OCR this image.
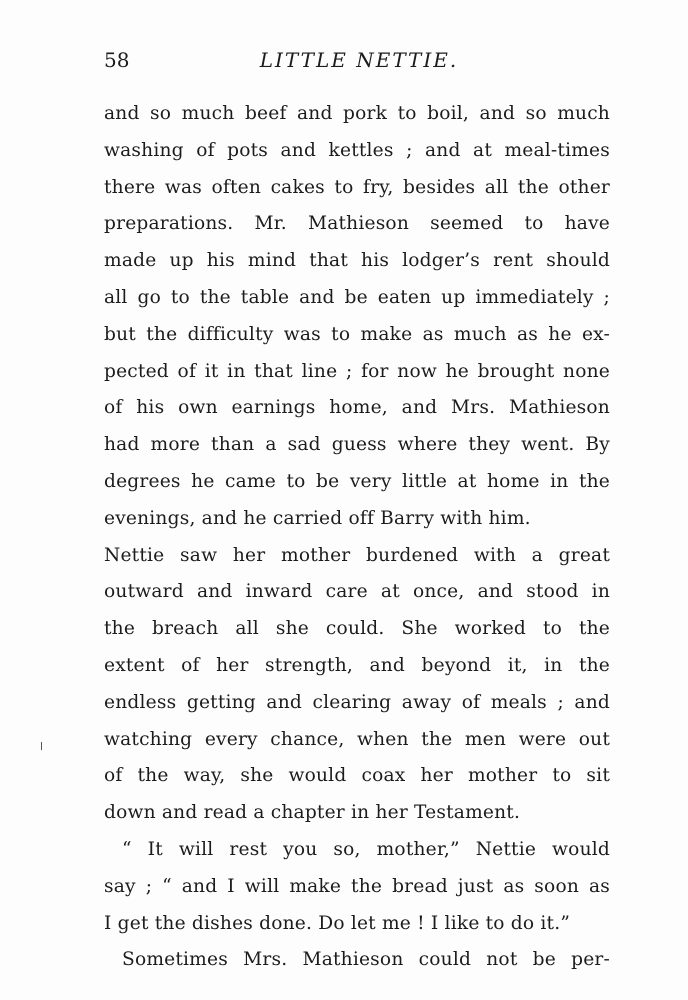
58	LITTLE NETTIE.
and so much beef and pork to boil, and so much
washing of pots and kettles ; and at meal-times
there was often cakes to fry, besides all the other
preparations. Mr. Mathieson seemed to have
made up his mind that his lodger’s rent should
all go to the table and be eaten up immediately ;
but the difficulty was to make as much as he ex-
pected of it in that line ; for now he brought none
of his own earnings home, and Mrs. Mathieson
had more than a sad guess where they went. By
degrees he came to be very little at home in the
evenings, and he carried off Barry with him.
Nettie saw her mother burdened with a great
outward and inward care at once, and stood in
the breach all she could. She worked to the
extent of her strength, and beyond it, in the
endless getting and clearing away of meals ; and
watching every chance, when the men were out
of the way, she would coax her mother to sit
down and read a chapter in her Testament.
“ It will rest you so, mother,” Nettie would
say ; “ and I will make the bread just as soon as
I get the dishes done. Do let me ! I like to do it.”
Sometimes Mrs. Mathieson could not be per-
